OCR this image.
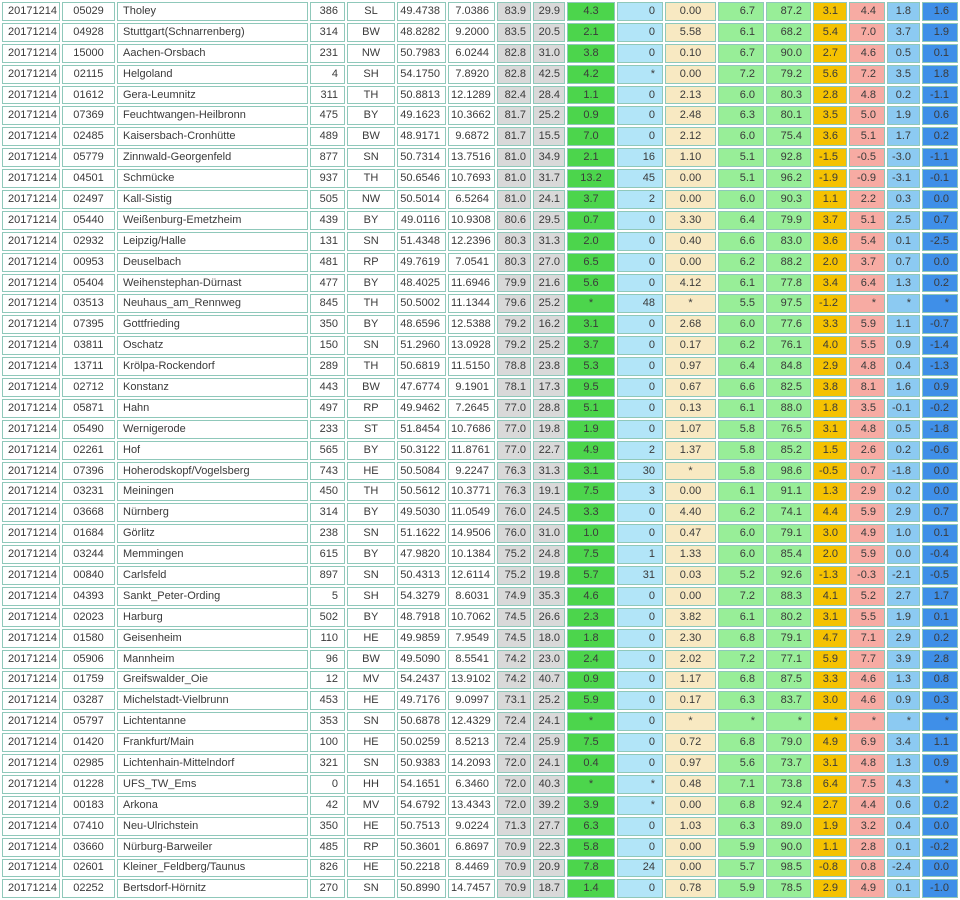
20171214	05029	Tholey	386	SL	49.4738	7.0386	83.9	29.9	4.3	0	0.00	6.7	87.2	3.1	4.4	1.8	1.6
20171214	04928	Stuttgart(Schnarrenberg)	314	BW	48.8282	9.2000	83.5	20.5	2.1	0	5.58	6.1	68.2	5.4	7.0	3.7	1.9
20171214	15000	Aachen-Orsbach	231	NW	50.7983	6.0244	82.8	31.0	3.8	0	0.10	6.7	90.0	2.7	4.6	0.5	0.1
20171214	02115	Helgoland	4	SH	54.1750	7.8920	82.8	42.5	4.2	*	0.00	7.2	79.2	5.6	7.2	3.5	1.8
20171214	01612	Gera-Leumnitz	311	TH	50.8813	12.1289	82.4	28.4	1.1	0	2.13	6.0	80.3	2.8	4.8	0.2	-1.1
20171214	07369	Feuchtwangen-Heilbronn	475	BY	49.1623	10.3662	81.7	25.2	0.9	0	2.48	6.3	80.1	3.5	5.0	1.9	0.6
20171214	02485	Kaisersbach-Cronhütte	489	BW	48.9171	9.6872	81.7	15.5	7.0	0	2.12	6.0	75.4	3.6	5.1	1.7	0.2
20171214	05779	Zinnwald-Georgenfeld	877	SN	50.7314	13.7516	81.0	34.9	2.1	16	1.10	5.1	92.8	-1.5	-0.5	-3.0	-1.1
20171214	04501	Schmücke	937	TH	50.6546	10.7693	81.0	31.7	13.2	45	0.00	5.1	96.2	-1.9	-0.9	-3.1	-0.1
20171214	02497	Kall-Sistig	505	NW	50.5014	6.5264	81.0	24.1	3.7	2	0.00	6.0	90.3	1.1	2.2	0.3	0.0
20171214	05440	Weißenburg-Emetzheim	439	BY	49.0116	10.9308	80.6	29.5	0.7	0	3.30	6.4	79.9	3.7	5.1	2.5	0.7
20171214	02932	Leipzig/Halle	131	SN	51.4348	12.2396	80.3	31.3	2.0	0	0.40	6.6	83.0	3.6	5.4	0.1	-2.5
20171214	00953	Deuselbach	481	RP	49.7619	7.0541	80.3	27.0	6.5	0	0.00	6.2	88.2	2.0	3.7	0.7	0.0
20171214	05404	Weihenstephan-Dürnast	477	BY	48.4025	11.6946	79.9	21.6	5.6	0	4.12	6.1	77.8	3.4	6.4	1.3	0.2
20171214	03513	Neuhaus_am_Rennweg	845	TH	50.5002	11.1344	79.6	25.2	*	48	*	5.5	97.5	-1.2	*	*	*
20171214	07395	Gottfrieding	350	BY	48.6596	12.5388	79.2	16.2	3.1	0	2.68	6.0	77.6	3.3	5.9	1.1	-0.7
20171214	03811	Oschatz	150	SN	51.2960	13.0928	79.2	25.2	3.7	0	0.17	6.2	76.1	4.0	5.5	0.9	-1.4
20171214	13711	Krölpa-Rockendorf	289	TH	50.6819	11.5150	78.8	23.8	5.3	0	0.97	6.4	84.8	2.9	4.8	0.4	-1.3
20171214	02712	Konstanz	443	BW	47.6774	9.1901	78.1	17.3	9.5	0	0.67	6.6	82.5	3.8	8.1	1.6	0.9
20171214	05871	Hahn	497	RP	49.9462	7.2645	77.0	28.8	5.1	0	0.13	6.1	88.0	1.8	3.5	-0.1	-0.2
20171214	05490	Wernigerode	233	ST	51.8454	10.7686	77.0	19.8	1.9	0	1.07	5.8	76.5	3.1	4.8	0.5	-1.8
20171214	02261	Hof	565	BY	50.3122	11.8761	77.0	22.7	4.9	2	1.37	5.8	85.2	1.5	2.6	0.2	-0.6
20171214	07396	Hoherodskopf/Vogelsberg	743	HE	50.5084	9.2247	76.3	31.3	3.1	30	*	5.8	98.6	-0.5	0.7	-1.8	0.0
20171214	03231	Meiningen	450	TH	50.5612	10.3771	76.3	19.1	7.5	3	0.00	6.1	91.1	1.3	2.9	0.2	0.0
20171214	03668	Nürnberg	314	BY	49.5030	11.0549	76.0	24.5	3.3	0	4.40	6.2	74.1	4.4	5.9	2.9	0.7
20171214	01684	Görlitz	238	SN	51.1622	14.9506	76.0	31.0	1.0	0	0.47	6.0	79.1	3.0	4.9	1.0	0.1
20171214	03244	Memmingen	615	BY	47.9820	10.1384	75.2	24.8	7.5	1	1.33	6.0	85.4	2.0	5.9	0.0	-0.4
20171214	00840	Carlsfeld	897	SN	50.4313	12.6114	75.2	19.8	5.7	31	0.03	5.2	92.6	-1.3	-0.3	-2.1	-0.5
20171214	04393	Sankt_Peter-Ording	5	SH	54.3279	8.6031	74.9	35.3	4.6	0	0.00	7.2	88.3	4.1	5.2	2.7	1.7
20171214	02023	Harburg	502	BY	48.7918	10.7062	74.5	26.6	2.3	0	3.82	6.1	80.2	3.1	5.5	1.9	0.1
20171214	01580	Geisenheim	110	HE	49.9859	7.9549	74.5	18.0	1.8	0	2.30	6.8	79.1	4.7	7.1	2.9	0.2
20171214	05906	Mannheim	96	BW	49.5090	8.5541	74.2	23.0	2.4	0	2.02	7.2	77.1	5.9	7.7	3.9	2.8
20171214	01759	Greifswalder_Oie	12	MV	54.2437	13.9102	74.2	40.7	0.9	0	1.17	6.8	87.5	3.3	4.6	1.3	0.8
20171214	03287	Michelstadt-Vielbrunn	453	HE	49.7176	9.0997	73.1	25.2	5.9	0	0.17	6.3	83.7	3.0	4.6	0.9	0.3
20171214	05797	Lichtentanne	353	SN	50.6878	12.4329	72.4	24.1	*	0	*	*	*	*	*	*	*
20171214	01420	Frankfurt/Main	100	HE	50.0259	8.5213	72.4	25.9	7.5	0	0.72	6.8	79.0	4.9	6.9	3.4	1.1
20171214	02985	Lichtenhain-Mittelndorf	321	SN	50.9383	14.2093	72.0	24.1	0.4	0	0.97	5.6	73.7	3.1	4.8	1.3	0.9
20171214	01228	UFS_TW_Ems	0	HH	54.1651	6.3460	72.0	40.3	*	*	0.48	7.1	73.8	6.4	7.5	4.3	*
20171214	00183	Arkona	42	MV	54.6792	13.4343	72.0	39.2	3.9	*	0.00	6.8	92.4	2.7	4.4	0.6	0.2
20171214	07410	Neu-Ulrichstein	350	HE	50.7513	9.0224	71.3	27.7	6.3	0	1.03	6.3	89.0	1.9	3.2	0.4	0.0
20171214	03660	Nürburg-Barweiler	485	RP	50.3601	6.8697	70.9	22.3	5.8	0	0.00	5.9	90.0	1.1	2.8	0.1	-0.2
20171214	02601	Kleiner_Feldberg/Taunus	826	HE	50.2218	8.4469	70.9	20.9	7.8	24	0.00	5.7	98.5	-0.8	0.8	-2.4	0.0
20171214	02252	Bertsdorf-Hörnitz	270	SN	50.8990	14.7457	70.9	18.7	1.4	0	0.78	5.9	78.5	2.9	4.9	0.1	-1.0
